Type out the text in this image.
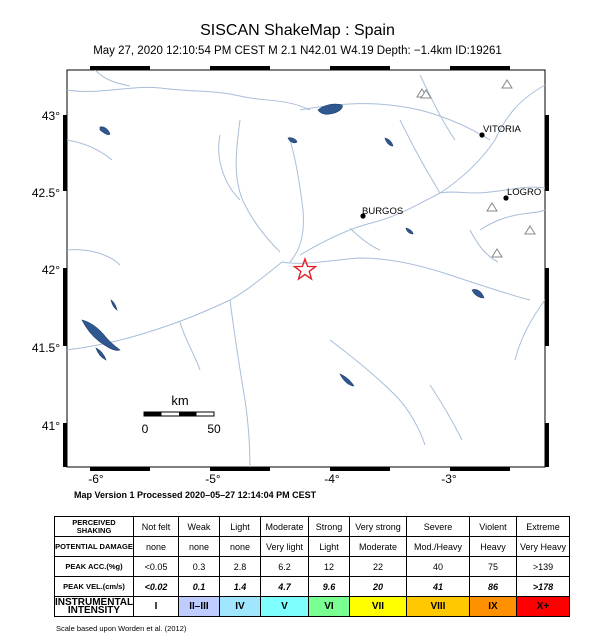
SISCAN ShakeMap : Spain
May 27, 2020 12:10:54 PM CEST M 2.1 N42.01 W4.19 Depth: −1.4km ID:19261
-6°	-5°	-4°	-3°
43°
42.5°
42°
41.5°
41°
VITORIA
LOGRO
BURGOS
km
0	50
Map Version 1 Processed 2020–05–27 12:14:04 PM CEST
PERCEIVED SHAKING	Not felt	Weak	Light	Moderate	Strong	Very strong	Severe	Violent	Extreme
POTENTIAL DAMAGE	none	none	none	Very light	Light	Moderate	Mod./Heavy	Heavy	Very Heavy
PEAK ACC.(%g)	<0.05	0.3	2.8	6.2	12	22	40	75	>139
PEAK VEL.(cm/s)	<0.02	0.1	1.4	4.7	9.6	20	41	86	>178
INSTRUMENTAL INTENSITY	I	II–III	IV	V	VI	VII	VIII	IX	X+
Scale based upon Worden et al. (2012)
